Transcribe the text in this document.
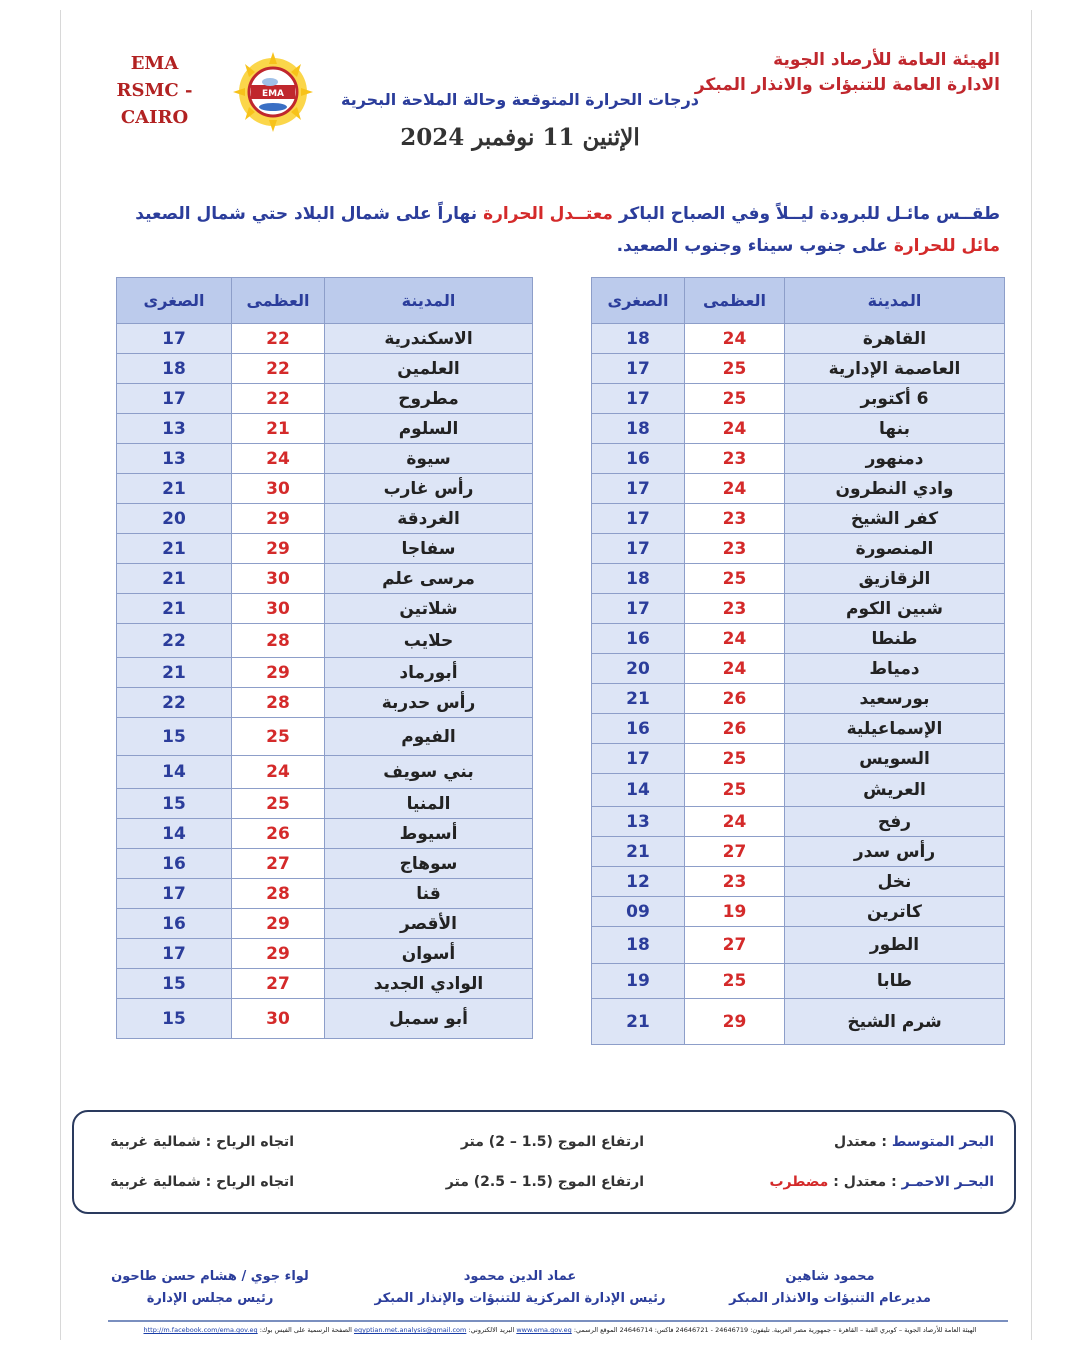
EMA
RSMC - CAIRO
EMA
الهيئة العامة للأرصاد الجوية
الادارة العامة للتنبؤات والانذار المبكر
درجات الحرارة المتوقعة وحالة الملاحة البحرية
الإثنين 11 نوفمبر 2024
طقــس مائـل للبرودة ليــلاً وفي الصباح الباكر معتــدل الحرارة نهاراً على شمال البلاد حتي شمال الصعيد مائل للحرارة على جنوب سيناء وجنوب الصعيد.
المدينة	العظمى	الصغرى
القاهرة	24	18
العاصمة الإدارية	25	17
6 أكتوبر	25	17
بنها	24	18
دمنهور	23	16
وادي النطرون	24	17
كفر الشيخ	23	17
المنصورة	23	17
الزقازيق	25	18
شبين الكوم	23	17
طنطا	24	16
دمياط	24	20
بورسعيد	26	21
الإسماعيلية	26	16
السويس	25	17
العريش	25	14
رفح	24	13
رأس سدر	27	21
نخل	23	12
كاترين	19	09
الطور	27	18
طابا	25	19
شرم الشيخ	29	21
المدينة	العظمى	الصغرى
الاسكندرية	22	17
العلمين	22	18
مطروح	22	17
السلوم	21	13
سيوة	24	13
رأس غارب	30	21
الغردقة	29	20
سفاجا	29	21
مرسى علم	30	21
شلاتين	30	21
حلايب	28	22
أبورماد	29	21
رأس حدربة	28	22
الفيوم	25	15
بني سويف	24	14
المنيا	25	15
أسيوط	26	14
سوهاج	27	16
قنا	28	17
الأقصر	29	16
أسوان	29	17
الوادي الجديد	27	15
أبو سمبل	30	15
البحر المتوسط : معتدل
ارتفاع الموج (1.5 – 2) متر
اتجاه الرياح : شمالية غربية
البحـر الاحمـر : معتدل : مضطرب
ارتفاع الموج (1.5 – 2.5) متر
اتجاه الرياح : شمالية غربية
محمود شاهين
مديرعام التنبؤات والانذار المبكر
عماد الدين محمود
رئيس الإدارة المركزية للتنبؤات والإنذار المبكر
لواء جوي / هشام حسن طاحون
رئيس مجلس الإدارة
الهيئة العامة للأرصاد الجوية – كوبري القبة – القاهرة – جمهورية مصر العربية. تليفون: 24646719 - 24646721 فاكس: 24646714 الموقع الرسمي: www.ema.gov.eg البريد الالكتروني: egyptian.met.analysis@gmail.com الصفحة الرسمية على الفيس بوك: http://m.facebook.com/ema.gov.eg
